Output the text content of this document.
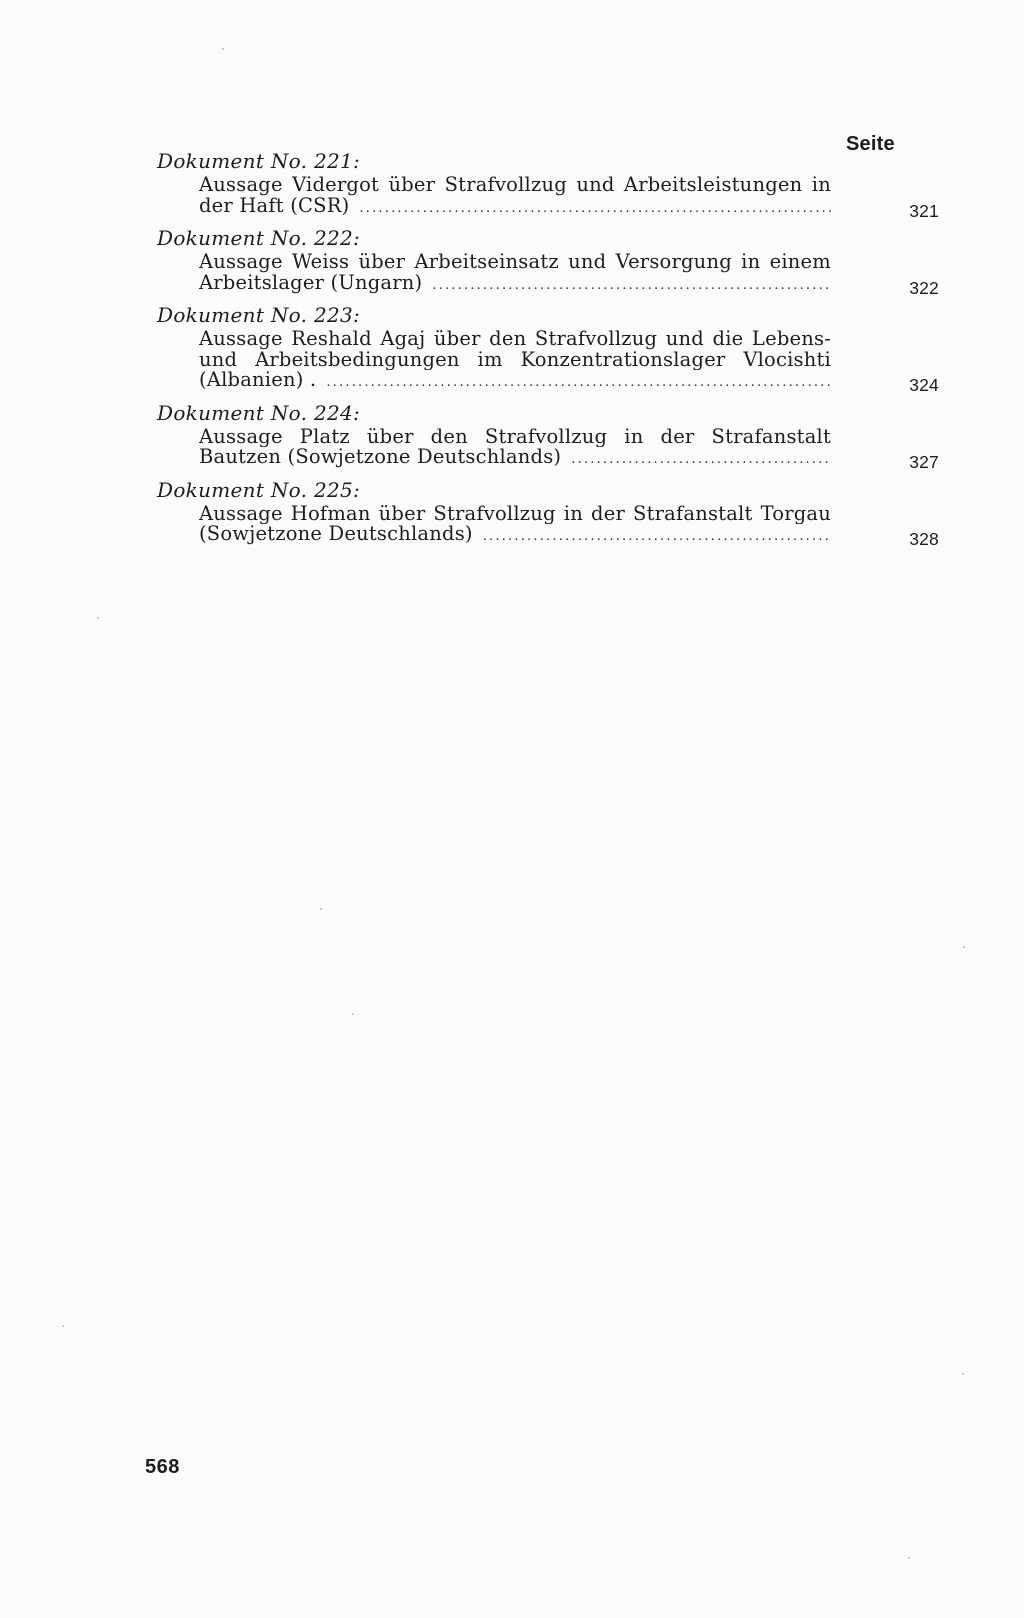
Seite
Dokument No. 221:
Aussage Vidergot über Strafvollzug und Arbeitsleistungen in
der Haft (CSR) .....	321
Dokument No. 222:
Aussage Weiss über Arbeitseinsatz und Versorgung in einem
Arbeitslager (Ungarn) .....	322
Dokument No. 223:
Aussage Reshald Agaj über den Strafvollzug und die Lebens-
und Arbeitsbedingungen im Konzentrationslager Vlocishti
(Albanien) . .....	324
Dokument No. 224:
Aussage Platz über den Strafvollzug in der Strafanstalt
Bautzen (Sowjetzone Deutschlands) .....	327
Dokument No. 225:
Aussage Hofman über Strafvollzug in der Strafanstalt Torgau
(Sowjetzone Deutschlands) .....	328
568
